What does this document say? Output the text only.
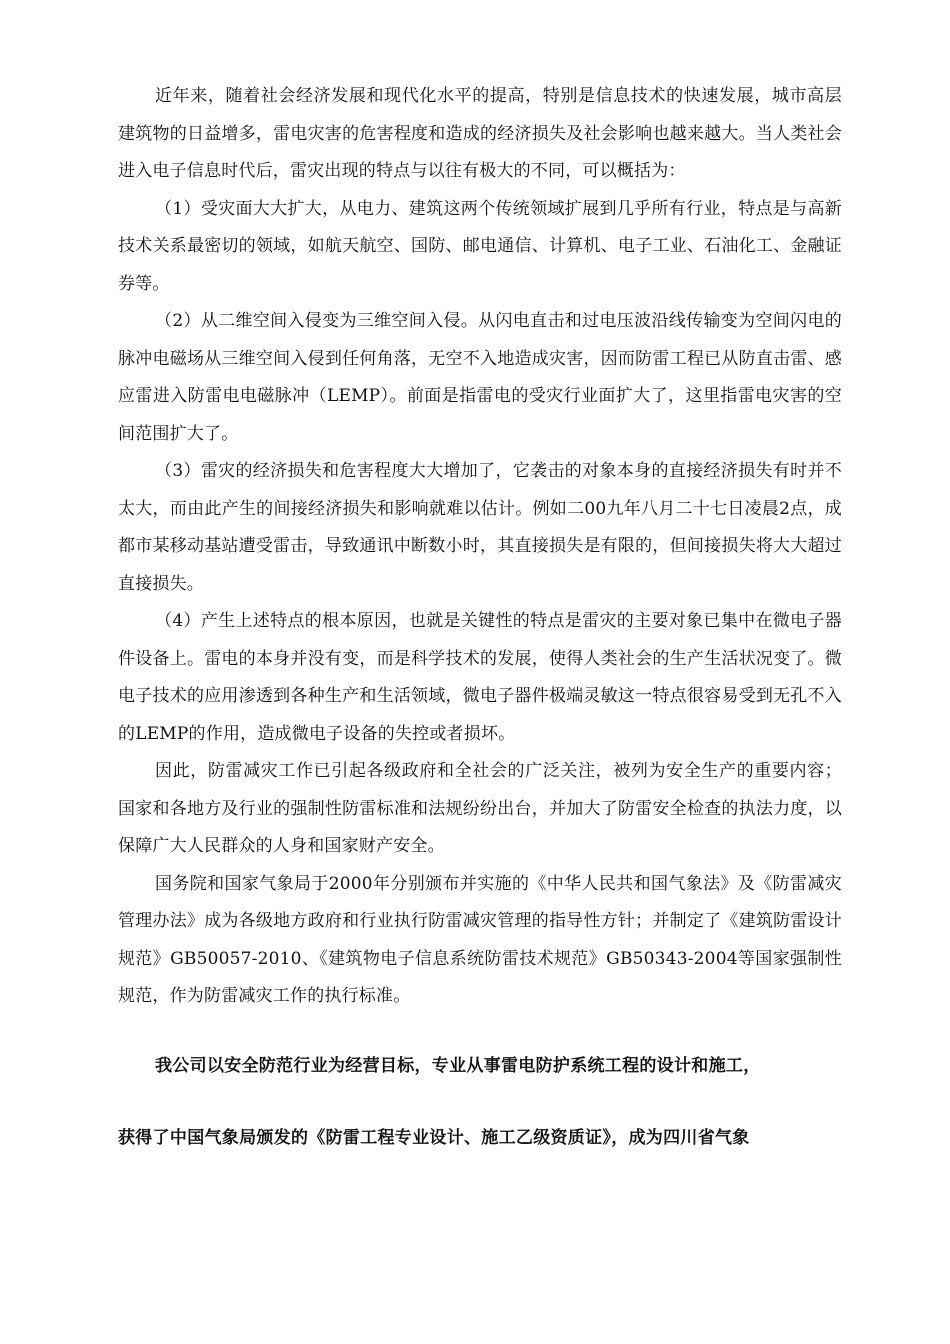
近年来，随着社会经济发展和现代化水平的提高，特别是信息技术的快速发展，城市高层建筑物的日益增多，雷电灾害的危害程度和造成的经济损失及社会影响也越来越大。当人类社会进入电子信息时代后，雷灾出现的特点与以往有极大的不同，可以概括为：

（1）受灾面大大扩大，从电力、建筑这两个传统领域扩展到几乎所有行业，特点是与高新技术关系最密切的领域，如航天航空、国防、邮电通信、计算机、电子工业、石油化工、金融证券等。

（2）从二维空间入侵变为三维空间入侵。从闪电直击和过电压波沿线传输变为空间闪电的脉冲电磁场从三维空间入侵到任何角落，无空不入地造成灾害，因而防雷工程已从防直击雷、感应雷进入防雷电电磁脉冲（LEMP）。前面是指雷电的受灾行业面扩大了，这里指雷电灾害的空间范围扩大了。

（3）雷灾的经济损失和危害程度大大增加了，它袭击的对象本身的直接经济损失有时并不太大，而由此产生的间接经济损失和影响就难以估计。例如二00九年八月二十七日凌晨2点，成都市某移动基站遭受雷击，导致通讯中断数小时，其直接损失是有限的，但间接损失将大大超过直接损失。

（4）产生上述特点的根本原因，也就是关键性的特点是雷灾的主要对象已集中在微电子器件设备上。雷电的本身并没有变，而是科学技术的发展，使得人类社会的生产生活状况变了。微电子技术的应用渗透到各种生产和生活领域，微电子器件极端灵敏这一特点很容易受到无孔不入的LEMP的作用，造成微电子设备的失控或者损坏。

因此，防雷减灾工作已引起各级政府和全社会的广泛关注，被列为安全生产的重要内容；国家和各地方及行业的强制性防雷标准和法规纷纷出台，并加大了防雷安全检查的执法力度，以保障广大人民群众的人身和国家财产安全。

国务院和国家气象局于2000年分别颁布并实施的《中华人民共和国气象法》及《防雷减灾管理办法》成为各级地方政府和行业执行防雷减灾管理的指导性方针；并制定了《建筑防雷设计规范》GB50057-2010、《建筑物电子信息系统防雷技术规范》GB50343-2004等国家强制性规范，作为防雷减灾工作的执行标准。

我公司以安全防范行业为经营目标，专业从事雷电防护系统工程的设计和施工，

获得了中国气象局颁发的《防雷工程专业设计、施工乙级资质证》，成为四川省气象
